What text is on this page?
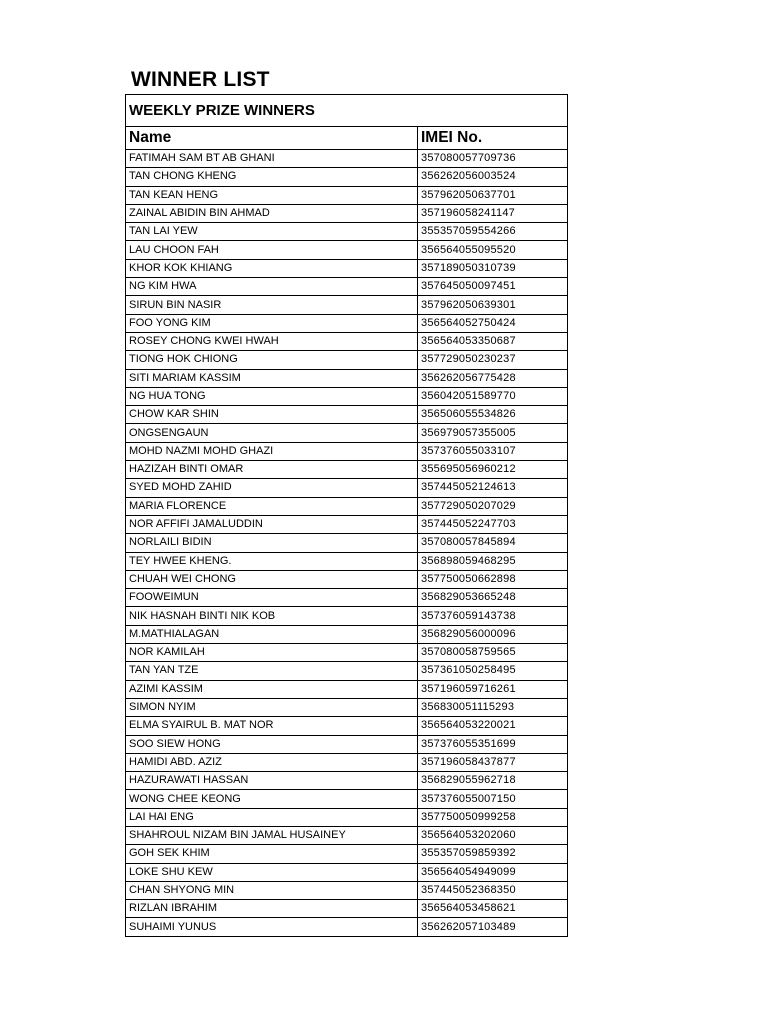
WINNER LIST
WEEKLY PRIZE WINNERS	
Name	IMEI No.
FATIMAH SAM BT AB GHANI	357080057709736
TAN CHONG KHENG	356262056003524
TAN KEAN HENG	357962050637701
ZAINAL ABIDIN BIN AHMAD	357196058241147
TAN LAI YEW	355357059554266
LAU CHOON FAH	356564055095520
KHOR KOK KHIANG	357189050310739
NG KIM HWA	357645050097451
SIRUN BIN NASIR	357962050639301
FOO YONG KIM	356564052750424
ROSEY CHONG KWEI HWAH	356564053350687
TIONG HOK CHIONG	357729050230237
SITI MARIAM KASSIM	356262056775428
NG HUA TONG	356042051589770
CHOW KAR SHIN	356506055534826
ONGSENGAUN	356979057355005
MOHD NAZMI MOHD GHAZI	357376055033107
HAZIZAH BINTI OMAR	355695056960212
SYED MOHD ZAHID	357445052124613
MARIA FLORENCE	357729050207029
NOR AFFIFI JAMALUDDIN	357445052247703
NORLAILI BIDIN	357080057845894
TEY HWEE KHENG.	356898059468295
CHUAH WEI CHONG	357750050662898
FOOWEIMUN	356829053665248
NIK HASNAH BINTI NIK KOB	357376059143738
M.MATHIALAGAN	356829056000096
NOR KAMILAH	357080058759565
TAN YAN TZE	357361050258495
AZIMI KASSIM	357196059716261
SIMON NYIM	356830051115293
ELMA SYAIRUL B. MAT NOR	356564053220021
SOO SIEW HONG	357376055351699
HAMIDI ABD. AZIZ	357196058437877
HAZURAWATI HASSAN	356829055962718
WONG CHEE KEONG	357376055007150
LAI HAI ENG	357750050999258
SHAHROUL NIZAM BIN JAMAL HUSAINEY	356564053202060
GOH SEK KHIM	355357059859392
LOKE SHU KEW	356564054949099
CHAN SHYONG MIN	357445052368350
RIZLAN IBRAHIM	356564053458621
SUHAIMI YUNUS	356262057103489
